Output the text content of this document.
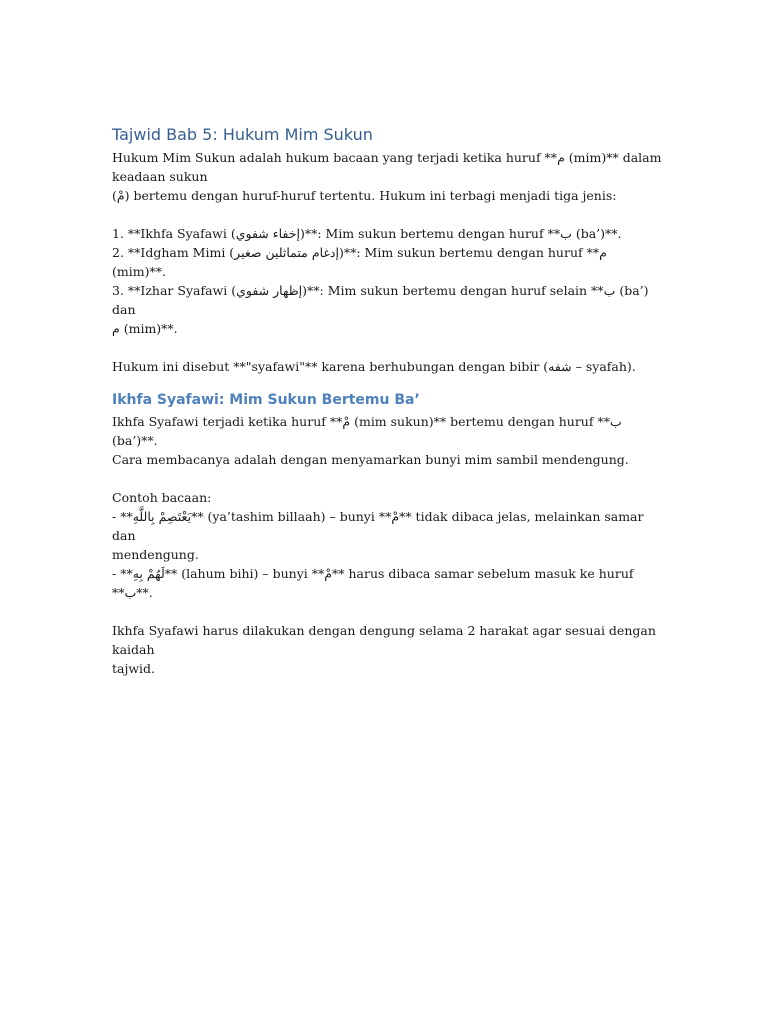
Tajwid Bab 5: Hukum Mim Sukun

Hukum Mim Sukun adalah hukum bacaan yang terjadi ketika huruf **م (mim)** dalam

keadaan sukun

(مْ) bertemu dengan huruf-huruf tertentu. Hukum ini terbagi menjadi tiga jenis:

1. **Ikhfa Syafawi (إخفاء شفوي)**: Mim sukun bertemu dengan huruf **ب (ba’)**.

2. **Idgham Mimi (إدغام متماثلين صغير)**: Mim sukun bertemu dengan huruf **م (mim)**.

3. **Izhar Syafawi (إظهار شفوي)**: Mim sukun bertemu dengan huruf selain **ب (ba’) dan

م (mim)**.

Hukum ini disebut **"syafawi"** karena berhubungan dengan bibir (شفه – syafah).

Ikhfa Syafawi: Mim Sukun Bertemu Ba’

Ikhfa Syafawi terjadi ketika huruf **مْ (mim sukun)** bertemu dengan huruf **ب (ba’)**.

Cara membacanya adalah dengan menyamarkan bunyi mim sambil mendengung.

Contoh bacaan:

- **يَعْتَصِمْ بِاللَّهِ** (ya’tashim billaah) – bunyi **مْ** tidak dibaca jelas, melainkan samar dan

mendengung.

- **لَهُمْ بِهِ** (lahum bihi) – bunyi **مْ** harus dibaca samar sebelum masuk ke huruf **ب**.

Ikhfa Syafawi harus dilakukan dengan dengung selama 2 harakat agar sesuai dengan kaidah

tajwid.
